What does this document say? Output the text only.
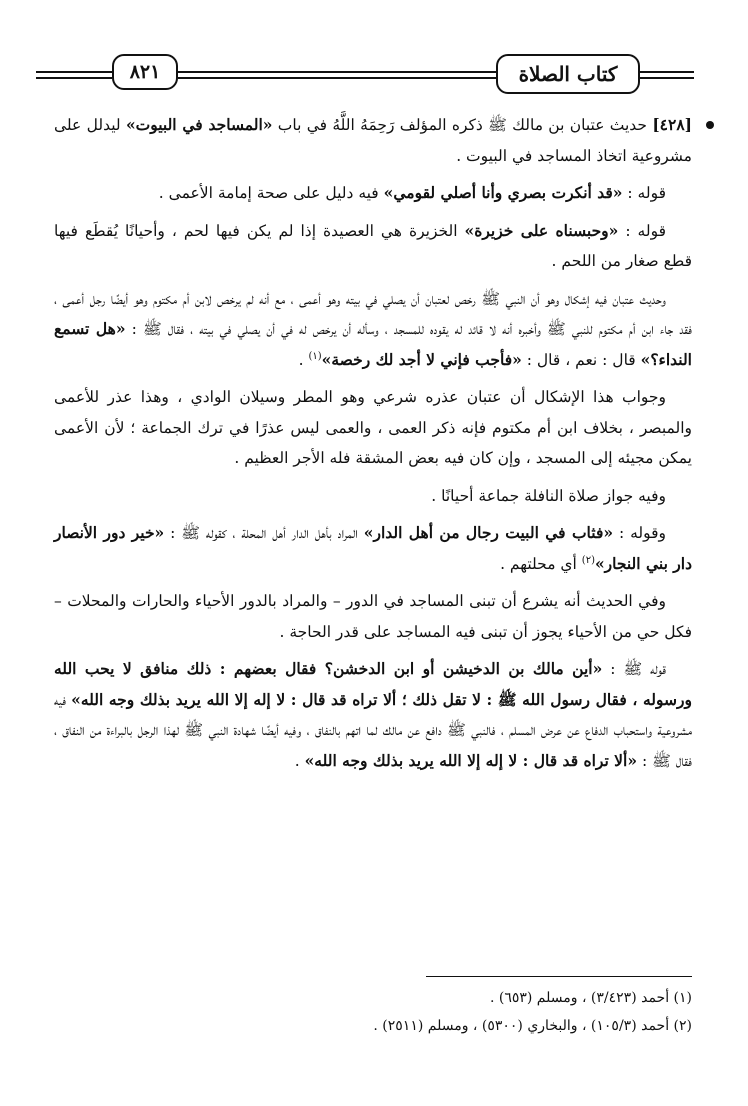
٨٢١	كتاب الصلاة

[٤٢٨] حديث عتبان بن مالك ﷺ ذكره المؤلف رَحِمَهُ اللَّهُ في باب «المساجد في البيوت» ليدلل على مشروعية اتخاذ المساجد في البيوت .

قوله : «قد أنكرت بصري وأنا أصلي لقومي» فيه دليل على صحة إمامة الأعمى .

قوله : «وحبسناه على خزيرة» الخزيرة هي العصيدة إذا لم يكن فيها لحم ، وأحيانًا يُقطَع فيها قطع صغار من اللحم .

وحديث عتبان فيه إشكال وهو أن النبي ﷺ رخص لعتبان أن يصلي في بيته وهو أعمى ، مع أنه لم يرخص لابن أم مكتوم وهو أيضًا رجل أعمى ، فقد جاء ابن أم مكتوم للنبي ﷺ وأخبره أنه لا قائد له يقوده للمسجد ، وسأله أن يرخص له في أن يصلي في بيته ، فقال ﷺ : «هل تسمع النداء؟» قال : نعم ، قال : «فأجب فإني لا أجد لك رخصة»$^{(١)}$ .

وجواب هذا الإشكال أن عتبان عذره شرعي وهو المطر وسيلان الوادي ، وهذا عذر للأعمى والمبصر ، بخلاف ابن أم مكتوم فإنه ذكر العمى ، والعمى ليس عذرًا في ترك الجماعة ؛ لأن الأعمى يمكن مجيئه إلى المسجد ، وإن كان فيه بعض المشقة فله الأجر العظيم .

وفيه جواز صلاة النافلة جماعة أحيانًا .

وقوله : «فثاب في البيت رجال من أهل الدار» المراد بأهل الدار أهل المحلة ، كقوله ﷺ : «خير دور الأنصار دار بني النجار»$^{(٢)}$ أي محلتهم .

وفي الحديث أنه يشرع أن تبنى المساجد في الدور – والمراد بالدور الأحياء والحارات والمحلات – فكل حي من الأحياء يجوز أن تبنى فيه المساجد على قدر الحاجة .

قوله ﷺ : «أين مالك بن الدخيشن أو ابن الدخشن؟ فقال بعضهم : ذلك منافق لا يحب الله ورسوله ، فقال رسول الله ﷺ : لا تقل ذلك ؛ ألا تراه قد قال : لا إله إلا الله يريد بذلك وجه الله» فيه مشروعية واستحباب الدفاع عن عرض المسلم ، فالنبي ﷺ دافع عن مالك لما اتهم بالنفاق ، وفيه أيضًا شهادة النبي ﷺ لهذا الرجل بالبراءة من النفاق ، فقال ﷺ : «ألا تراه قد قال : لا إله إلا الله يريد بذلك وجه الله» .

(١) أحمد (٣/٤٢٣) ، ومسلم (٦٥٣) .

(٢) أحمد (١٠٥/٣) ، والبخاري (٥٣٠٠) ، ومسلم (٢٥١١) .
